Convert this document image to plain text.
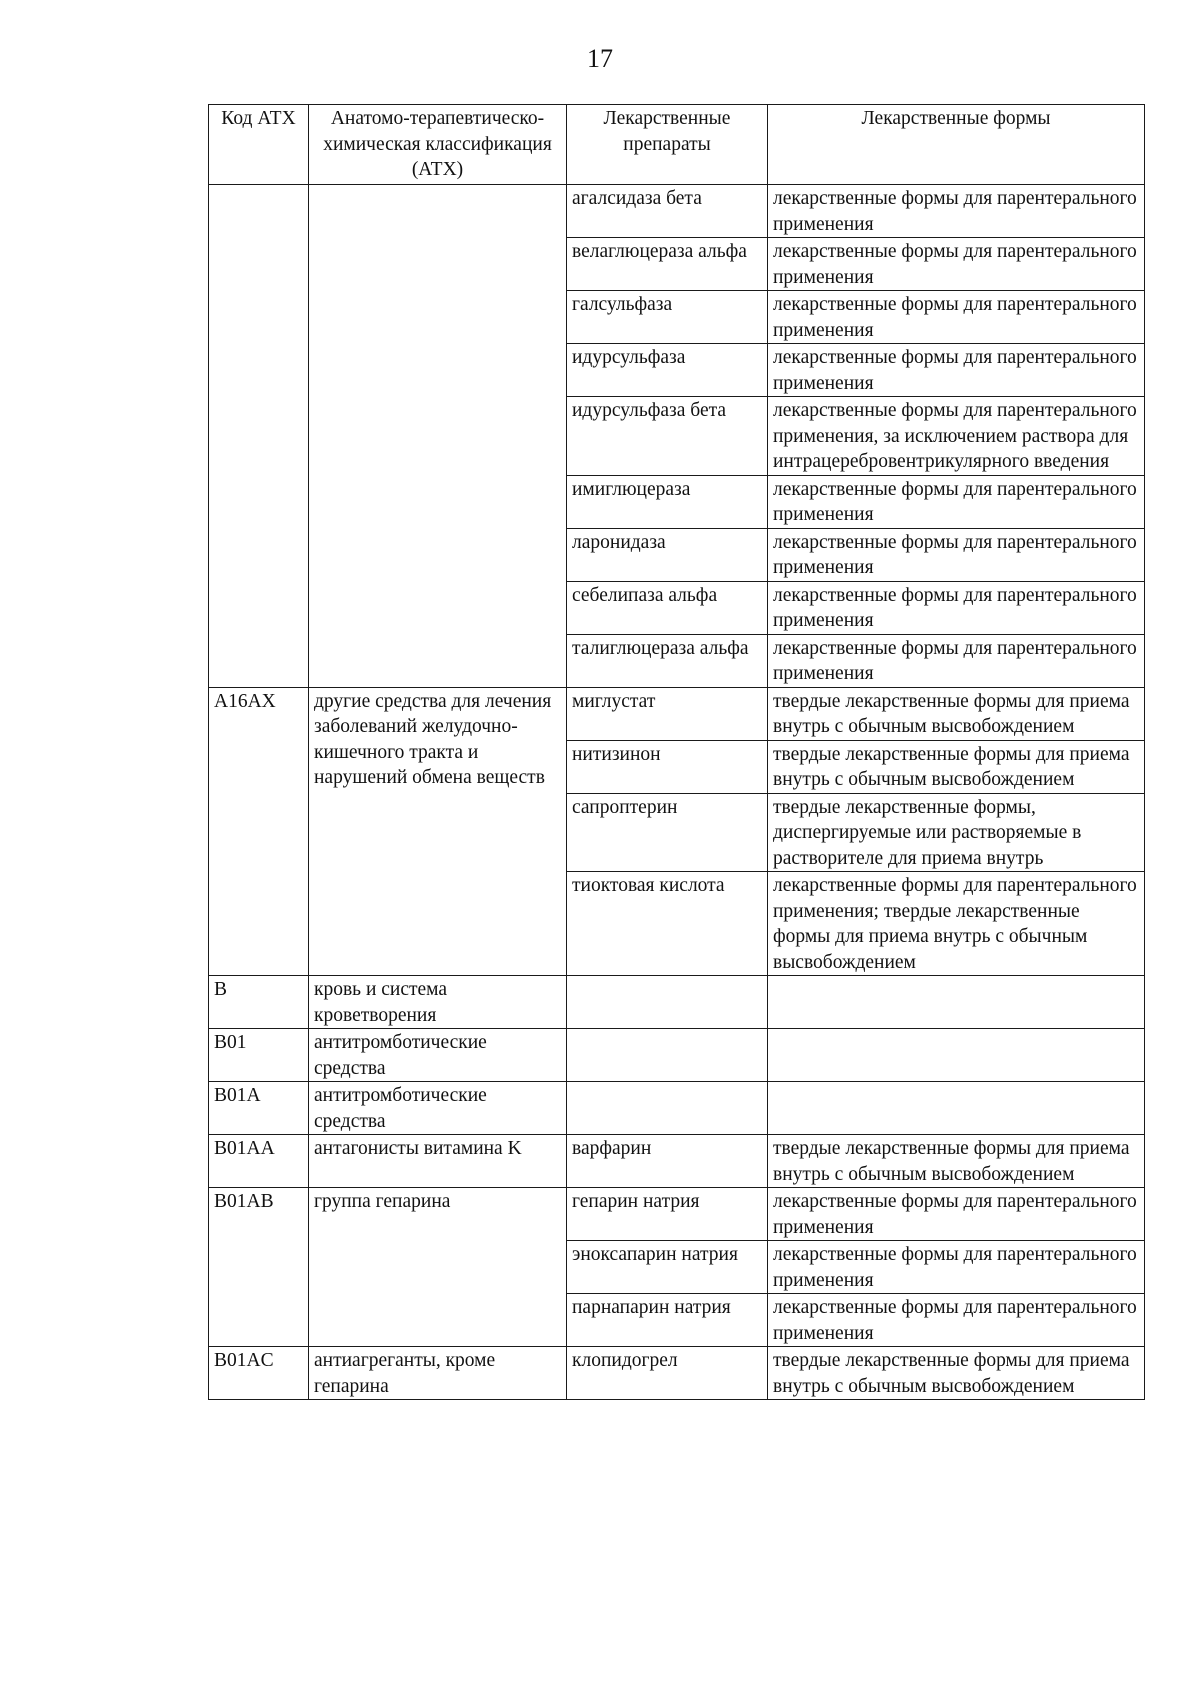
17
Код АТХ	Анатомо-терапевтическо-химическая классификация (АТХ)	Лекарственные препараты	Лекарственные формы
		агалсидаза бета	лекарственные формы для парентерального применения
		велаглюцераза альфа	лекарственные формы для парентерального применения
		галсульфаза	лекарственные формы для парентерального применения
		идурсульфаза	лекарственные формы для парентерального применения
		идурсульфаза бета	лекарственные формы для парентерального применения, за исключением раствора для интрацеребровентрикулярного введения
		имиглюцераза	лекарственные формы для парентерального применения
		ларонидаза	лекарственные формы для парентерального применения
		себелипаза альфа	лекарственные формы для парентерального применения
		талиглюцераза альфа	лекарственные формы для парентерального применения
A16AX	другие средства для лечения заболеваний желудочно-кишечного тракта и нарушений обмена веществ	миглустат	твердые лекарственные формы для приема внутрь с обычным высвобождением
		нитизинон	твердые лекарственные формы для приема внутрь с обычным высвобождением
		сапроптерин	твердые лекарственные формы, диспергируемые или растворяемые в растворителе для приема внутрь
		тиоктовая кислота	лекарственные формы для парентерального применения; твердые лекарственные формы для приема внутрь с обычным высвобождением
B	кровь и система кроветворения		
B01	антитромботические средства		
B01A	антитромботические средства		
B01AA	антагонисты витамина K	варфарин	твердые лекарственные формы для приема внутрь с обычным высвобождением
B01AB	группа гепарина	гепарин натрия	лекарственные формы для парентерального применения
		эноксапарин натрия	лекарственные формы для парентерального применения
		парнапарин натрия	лекарственные формы для парентерального применения
B01AC	антиагреганты, кроме гепарина	клопидогрел	твердые лекарственные формы для приема внутрь с обычным высвобождением
